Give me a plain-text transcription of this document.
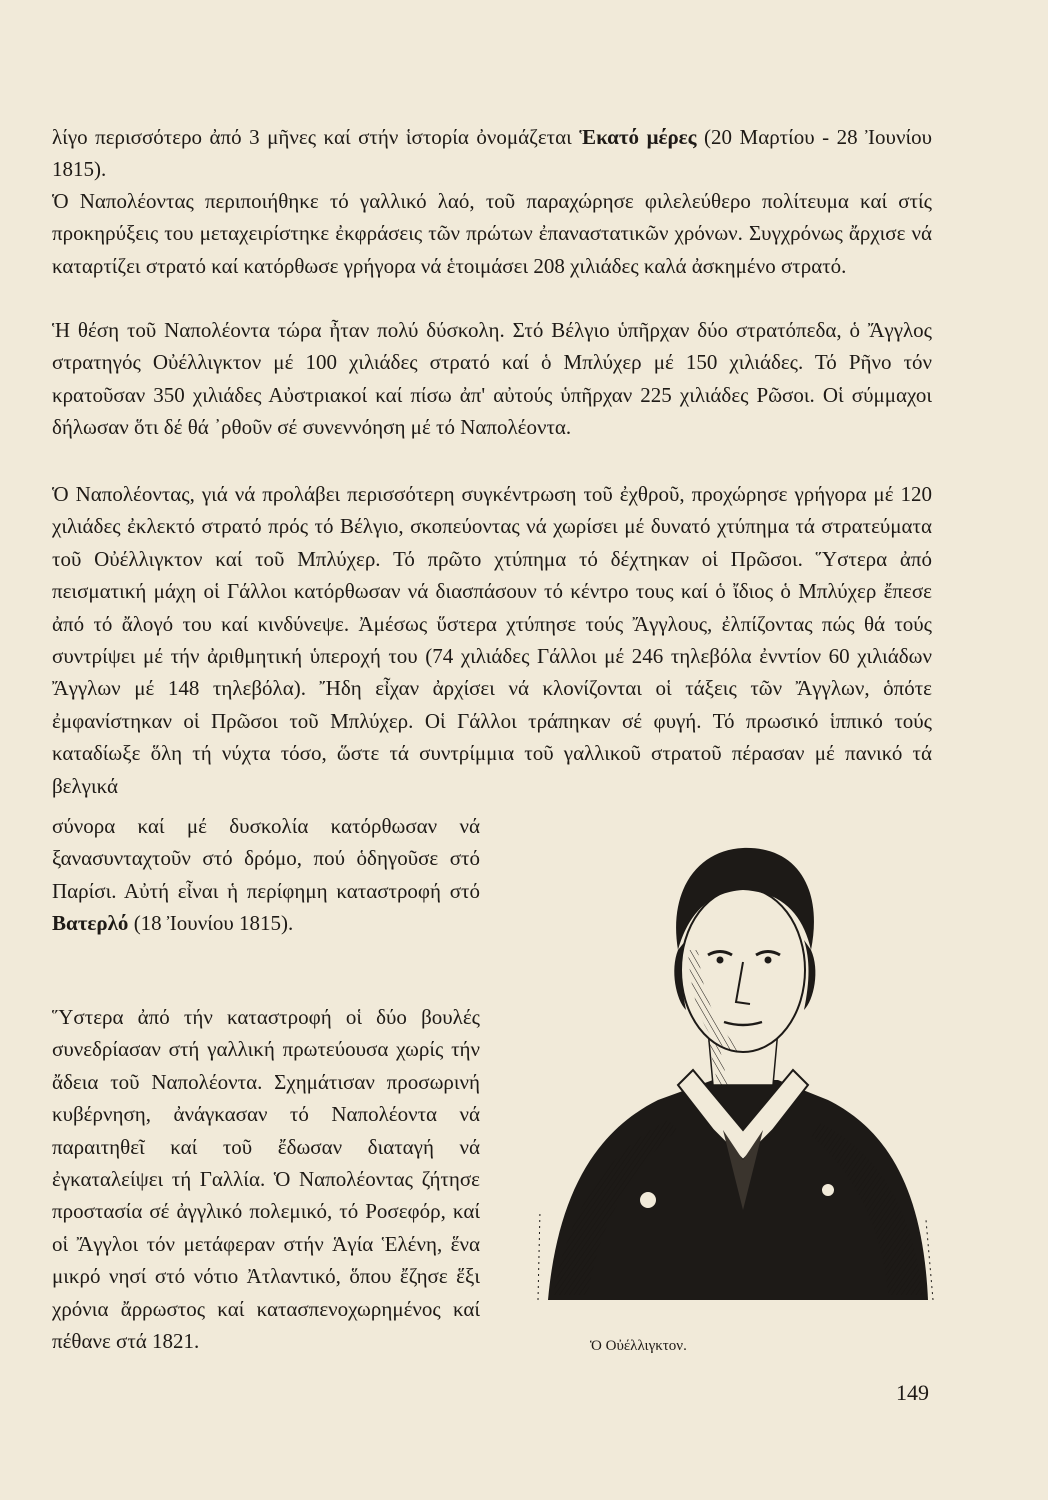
λίγο περισσότερο ἀπό 3 μῆνες καί στήν ἱστορία ὀνομάζεται Ἑκατό μέρες (20 Μαρτίου - 28 Ἰουνίου 1815).

Ὁ Ναπολέοντας περιποιήθηκε τό γαλλικό λαό, τοῦ παραχώρησε φιλελεύθερο πολίτευμα καί στίς προκηρύξεις του μεταχειρίστηκε ἐκφράσεις τῶν πρώτων ἐπαναστατικῶν χρόνων. Συγχρόνως ἄρχισε νά καταρτίζει στρατό καί κατόρθωσε γρήγορα νά ἑτοιμάσει 208 χιλιάδες καλά ἀσκημένο στρατό.

Ἡ θέση τοῦ Ναπολέοντα τώρα ἦταν πολύ δύσκολη. Στό Βέλγιο ὑπῆρχαν δύο στρατόπεδα, ὁ Ἄγγλος στρατηγός Οὐέλλιγκτον μέ 100 χιλιάδες στρατό καί ὁ Μπλύχερ μέ 150 χιλιάδες. Τό Ρῆνο τόν κρατοῦσαν 350 χιλιάδες Αὐστριακοί καί πίσω ἀπ' αὐτούς ὑπῆρχαν 225 χιλιάδες Ρῶσοι. Οἱ σύμμαχοι δήλωσαν ὅτι δέ θά ᾽ρθοῦν σέ συνεννόηση μέ τό Ναπολέοντα.

Ὁ Ναπολέοντας, γιά νά προλάβει περισσότερη συγκέντρωση τοῦ ἐχθροῦ, προχώρησε γρήγορα μέ 120 χιλιάδες ἐκλεκτό στρατό πρός τό Βέλγιο, σκοπεύοντας νά χωρίσει μέ δυνατό χτύπημα τά στρατεύματα τοῦ Οὐέλλιγκτον καί τοῦ Μπλύχερ. Τό πρῶτο χτύπημα τό δέχτηκαν οἱ Πρῶσοι. Ὕστερα ἀπό πεισματική μάχη οἱ Γάλλοι κατόρθωσαν νά διασπάσουν τό κέντρο τους καί ὁ ἴδιος ὁ Μπλύχερ ἔπεσε ἀπό τό ἄλογό του καί κινδύνεψε. Ἀμέσως ὕστερα χτύπησε τούς Ἄγγλους, ἐλπίζοντας πώς θά τούς συντρίψει μέ τήν ἀριθμητική ὑπεροχή του (74 χιλιάδες Γάλλοι μέ 246 τηλεβόλα ἐνντίον 60 χιλιάδων Ἄγγλων μέ 148 τηλεβόλα). Ἤδη εἶχαν ἀρχίσει νά κλονίζονται οἱ τάξεις τῶν Ἄγγλων, ὁπότε ἐμφανίστηκαν οἱ Πρῶσοι τοῦ Μπλύχερ. Οἱ Γάλλοι τράπηκαν σέ φυγή. Τό πρωσικό ἱππικό τούς καταδίωξε ὅλη τή νύχτα τόσο, ὥστε τά συντρίμμια τοῦ γαλλικοῦ στρατοῦ πέρασαν μέ πανικό τά βελγικά

σύνορα καί μέ δυσκολία κατόρθωσαν νά ξανασυνταχτοῦν στό δρόμο, πού ὁδηγοῦσε στό Παρίσι. Αὐτή εἶναι ἡ περίφημη καταστροφή στό Βατερλό (18 Ἰουνίου 1815).

Ὕστερα ἀπό τήν καταστροφή οἱ δύο βουλές συνεδρίασαν στή γαλλική πρωτεύουσα χωρίς τήν ἄδεια τοῦ Ναπολέοντα. Σχημάτισαν προσωρινή κυβέρνηση, ἀνάγκασαν τό Ναπολέοντα νά παραιτηθεῖ καί τοῦ ἔδωσαν διαταγή νά ἐγκαταλείψει τή Γαλλία. Ὁ Ναπολέοντας ζήτησε προστασία σέ ἀγγλικό πολεμικό, τό Ροσεφόρ, καί οἱ Ἄγγλοι τόν μετάφεραν στήν Ἁγία Ἑλένη, ἕνα μικρό νησί στό νότιο Ἀτλαντικό, ὅπου ἔζησε ἕξι χρόνια ἄρρωστος καί κατασπενοχωρημένος καί πέθανε στά 1821.	Ὁ Οὐέλλιγκτον.
149
